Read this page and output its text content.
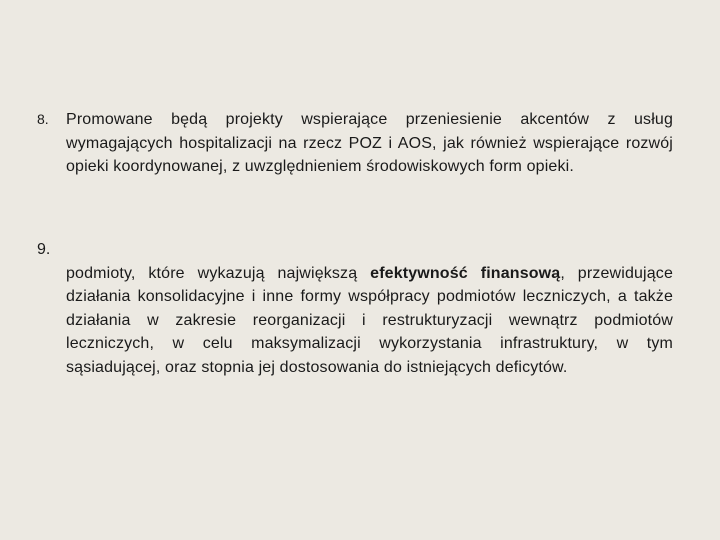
8. Promowane będą projekty wspierające przeniesienie akcentów z usług wymagających hospitalizacji na rzecz POZ i AOS, jak również wspierające rozwój opieki koordynowanej, z uwzględnieniem środowiskowych form opieki.
9.
podmioty, które wykazują największą efektywność finansową, przewidujące działania konsolidacyjne i inne formy współpracy podmiotów leczniczych, a także działania w zakresie reorganizacji i restrukturyzacji wewnątrz podmiotów leczniczych, w celu maksymalizacji wykorzystania infrastruktury, w tym sąsiadującej, oraz stopnia jej dostosowania do istniejących deficytów.
